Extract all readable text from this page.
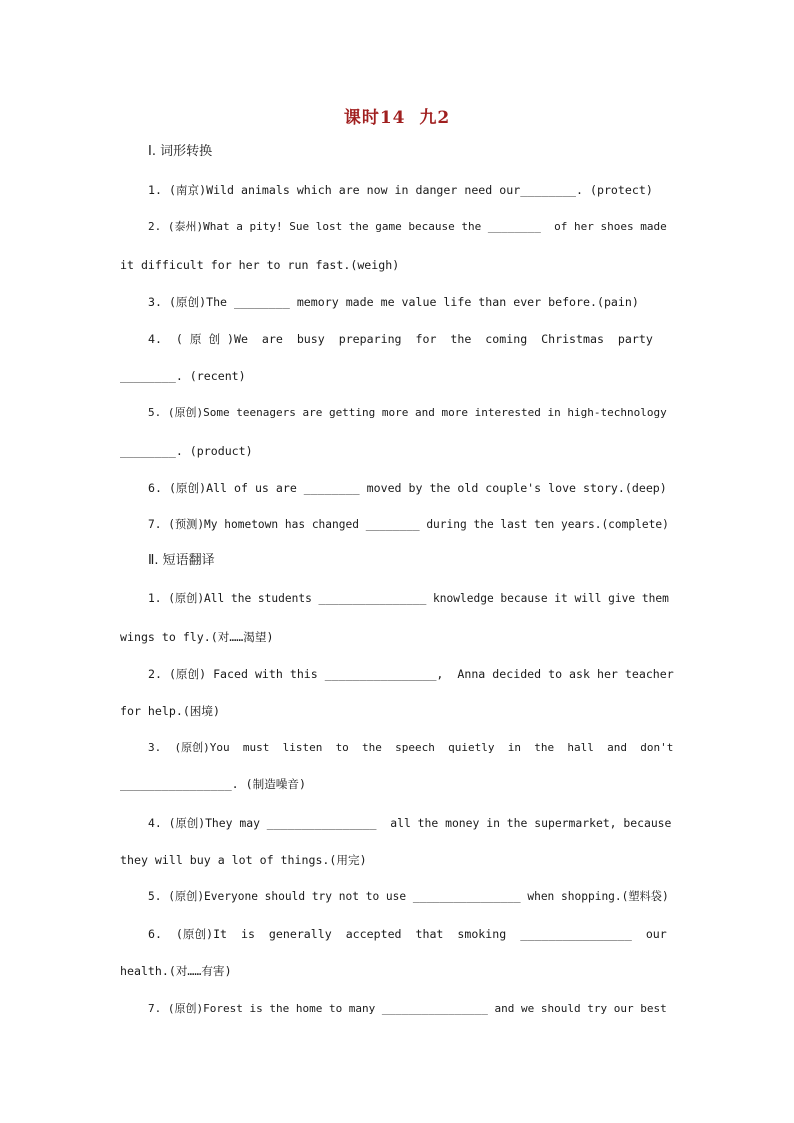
课时14  九2
Ⅰ. 词形转换
1. (南京)Wild animals which are now in danger need our________. (protect)
2. (泰州)What a pity! Sue lost the game because the ________  of her shoes made
it difficult for her to run fast.(weigh)
3. (原创)The ________ memory made me value life than ever before.(pain)
4.  ( 原 创 )We  are  busy  preparing  for  the  coming  Christmas  party
________. (recent)
5. (原创)Some teenagers are getting more and more interested in high-technology
________. (product)
6. (原创)All of us are ________ moved by the old couple's love story.(deep)
7. (预测)My hometown has changed ________ during the last ten years.(complete)
Ⅱ. 短语翻译
1. (原创)All the students ________________ knowledge because it will give them
wings to fly.(对……渴望)
2. (原创) Faced with this ________________,  Anna decided to ask her teacher
for help.(困境)
3.  (原创)You  must  listen  to  the  speech  quietly  in  the  hall  and  don't
________________. (制造噪音)
4. (原创)They may ________________  all the money in the supermarket, because
they will buy a lot of things.(用完)
5. (原创)Everyone should try not to use ________________ when shopping.(塑料袋)
6.  (原创)It  is  generally  accepted  that  smoking  ________________  our
health.(对……有害)
7. (原创)Forest is the home to many ________________ and we should try our best
